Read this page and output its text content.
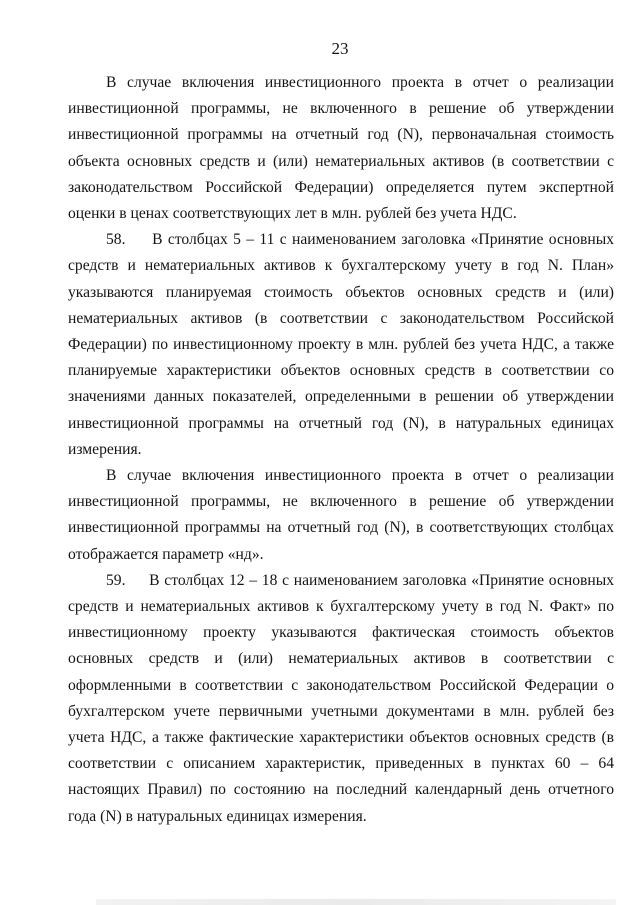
23

В случае включения инвестиционного проекта в отчет о реализации инвестиционной программы, не включенного в решение об утверждении инвестиционной программы на отчетный год (N), первоначальная стоимость объекта основных средств и (или) нематериальных активов (в соответствии с законодательством Российской Федерации) определяется путем экспертной оценки в ценах соответствующих лет в млн. рублей без учета НДС.

58. В столбцах 5 – 11 с наименованием заголовка «Принятие основных средств и нематериальных активов к бухгалтерскому учету в год N. План» указываются планируемая стоимость объектов основных средств и (или) нематериальных активов (в соответствии с законодательством Российской Федерации) по инвестиционному проекту в млн. рублей без учета НДС, а также планируемые характеристики объектов основных средств в соответствии со значениями данных показателей, определенными в решении об утверждении инвестиционной программы на отчетный год (N), в натуральных единицах измерения.

В случае включения инвестиционного проекта в отчет о реализации инвестиционной программы, не включенного в решение об утверждении инвестиционной программы на отчетный год (N), в соответствующих столбцах отображается параметр «нд».

59. В столбцах 12 – 18 с наименованием заголовка «Принятие основных средств и нематериальных активов к бухгалтерскому учету в год N. Факт» по инвестиционному проекту указываются фактическая стоимость объектов основных средств и (или) нематериальных активов в соответствии с оформленными в соответствии с законодательством Российской Федерации о бухгалтерском учете первичными учетными документами в млн. рублей без учета НДС, а также фактические характеристики объектов основных средств (в соответствии с описанием характеристик, приведенных в пунктах 60 – 64 настоящих Правил) по состоянию на последний календарный день отчетного года (N) в натуральных единицах измерения.
